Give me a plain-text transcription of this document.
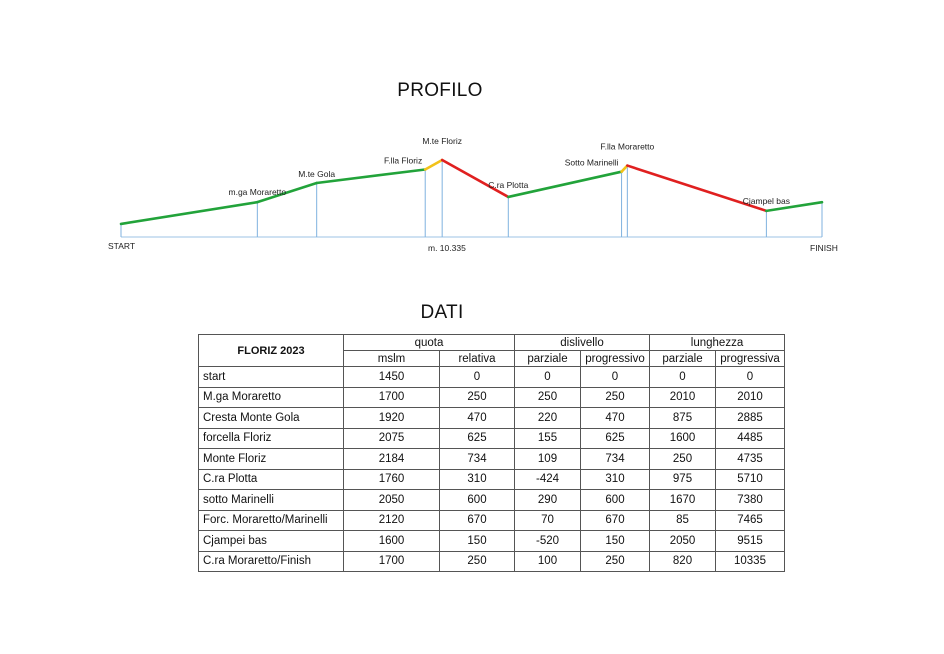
PROFILO
m.ga Moraretto
M.te Gola
F.lla Floriz
M.te Floriz
C.ra Plotta
Sotto Marinelli
F.lla Moraretto
Cjampel bas
START	m. 10.335	FINISH
DATI
FLORIZ 2023	quota		dislivello		lunghezza	
	mslm	relativa	parziale	progressivo	parziale	progressiva
start	1450	0	0	0	0	0
M.ga Moraretto	1700	250	250	250	2010	2010
Cresta Monte Gola	1920	470	220	470	875	2885
forcella Floriz	2075	625	155	625	1600	4485
Monte Floriz	2184	734	109	734	250	4735
C.ra Plotta	1760	310	-424	310	975	5710
sotto Marinelli	2050	600	290	600	1670	7380
Forc. Moraretto/Marinelli	2120	670	70	670	85	7465
Cjampei bas	1600	150	-520	150	2050	9515
C.ra Moraretto/Finish	1700	250	100	250	820	10335
